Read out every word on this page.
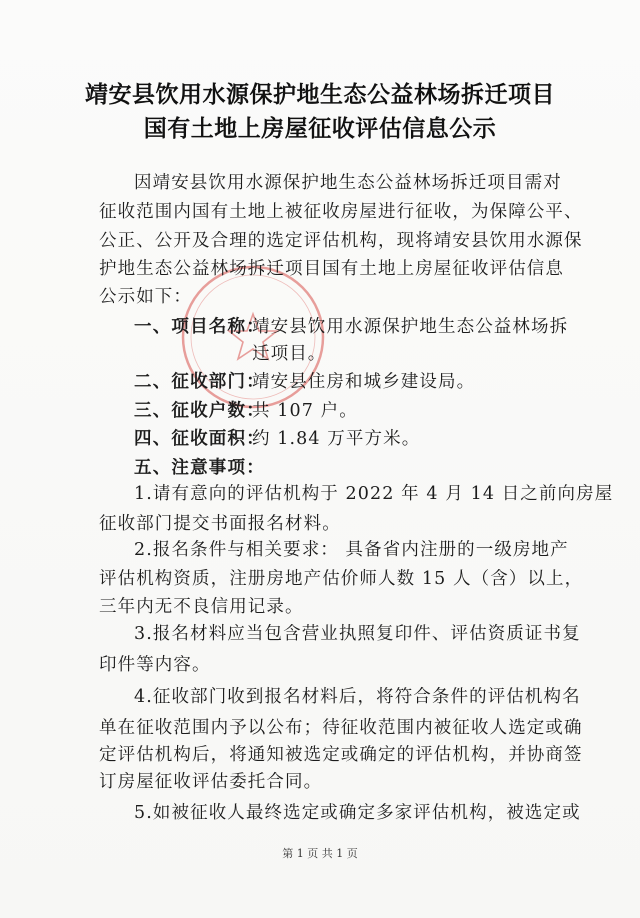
靖安县饮用水源保护地生态公益林场拆迁项目
国有土地上房屋征收评估信息公示
因靖安县饮用水源保护地生态公益林场拆迁项目需对
征收范围内国有土地上被征收房屋进行征收，为保障公平、
公正、公开及合理的选定评估机构，现将靖安县饮用水源保
护地生态公益林场拆迁项目国有土地上房屋征收评估信息
公示如下：
一、项目名称：
靖安县饮用水源保护地生态公益林场拆
迁项目。
二、征收部门：
靖安县住房和城乡建设局。
三、征收户数：
共 107 户。
四、征收面积：
约 1.84 万平方米。
五、注意事项：
1.请有意向的评估机构于 2022 年 4 月 14 日之前向房屋
征收部门提交书面报名材料。
2.报名条件与相关要求： 具备省内注册的一级房地产
评估机构资质，注册房地产估价师人数 15 人（含）以上，
三年内无不良信用记录。
3.报名材料应当包含营业执照复印件、评估资质证书复
印件等内容。
4.征收部门收到报名材料后，将符合条件的评估机构名
单在征收范围内予以公布；待征收范围内被征收人选定或确
定评估机构后，将通知被选定或确定的评估机构，并协商签
订房屋征收评估委托合同。
5.如被征收人最终选定或确定多家评估机构，被选定或
第 1 页 共 1 页
